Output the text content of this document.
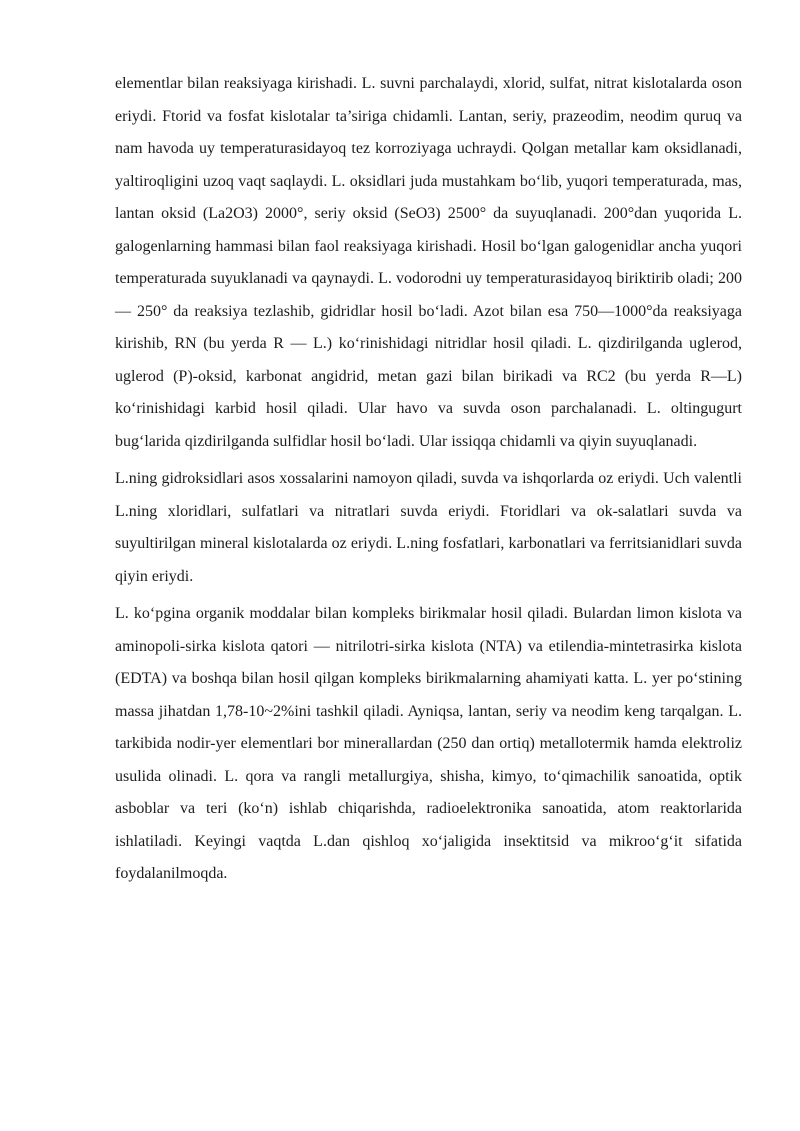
elementlar bilan reaksiyaga kirishadi. L. suvni parchalaydi, xlorid, sulfat, nitrat kislotalarda oson eriydi. Ftorid va fosfat kislotalar ta’siriga chidamli. Lantan, seriy, prazeodim, neodim quruq va nam havoda uy temperaturasidayoq tez korroziyaga uchraydi. Qolgan metallar kam oksidlanadi, yaltiroqligini uzoq vaqt saqlaydi. L. oksidlari juda mustahkam bo‘lib, yuqori temperaturada, mas, lantan oksid (La2O3) 2000°, seriy oksid (SeO3) 2500° da suyuqlanadi. 200°dan yuqorida L. galogenlarning hammasi bilan faol reaksiyaga kirishadi. Hosil bo‘lgan galogenidlar ancha yuqori temperaturada suyuklanadi va qaynaydi. L. vodorodni uy temperaturasidayoq biriktirib oladi; 200— 250° da reaksiya tezlashib, gidridlar hosil bo‘ladi. Azot bilan esa 750—1000°da reaksiyaga kirishib, RN (bu yerda R — L.) ko‘rinishidagi nitridlar hosil qiladi. L. qizdirilganda uglerod, uglerod (P)-oksid, karbonat angidrid, metan gazi bilan birikadi va RC2 (bu yerda R—L) ko‘rinishidagi karbid hosil qiladi. Ular havo va suvda oson parchalanadi. L. oltingugurt bug‘larida qizdirilganda sulfidlar hosil bo‘ladi. Ular issiqqa chidamli va qiyin suyuqlanadi.

L.ning gidroksidlari asos xossalarini namoyon qiladi, suvda va ishqorlarda oz eriydi. Uch valentli L.ning xloridlari, sulfatlari va nitratlari suvda eriydi. Ftoridlari va ok-salatlari suvda va suyultirilgan mineral kislotalarda oz eriydi. L.ning fosfatlari, karbonatlari va ferritsianidlari suvda qiyin eriydi.

L. ko‘pgina organik moddalar bilan kompleks birikmalar hosil qiladi. Bulardan limon kislota va aminopoli-sirka kislota qatori — nitrilotri-sirka kislota (NTA) va etilendia-mintetrasirka kislota (EDTA) va boshqa bilan hosil qilgan kompleks birikmalarning ahamiyati katta. L. yer po‘stining massa jihatdan 1,78-10~2%ini tashkil qiladi. Ayniqsa, lantan, seriy va neodim keng tarqalgan. L. tarkibida nodir-yer elementlari bor minerallardan (250 dan ortiq) metallotermik hamda elektroliz usulida olinadi. L. qora va rangli metallurgiya, shisha, kimyo, to‘qimachilik sanoatida, optik asboblar va teri (ko‘n) ishlab chiqarishda, radioelektronika sanoatida, atom reaktorlarida ishlatiladi. Keyingi vaqtda L.dan qishloq xo‘jaligida insektitsid va mikroo‘g‘it sifatida foydalanilmoqda.
